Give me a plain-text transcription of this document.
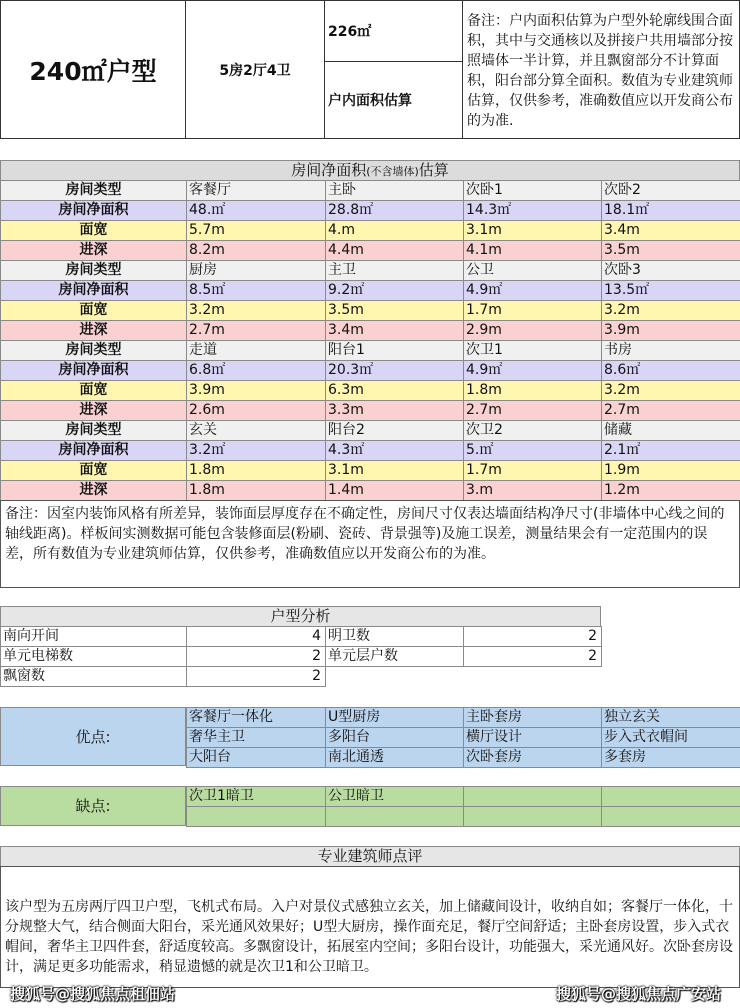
240㎡户型	5房2厅4卫
226㎡
户内面积估算
备注：户内面积估算为户型外轮廓线围合面积，其中与交通核以及拼接户共用墙部分按照墙体一半计算，并且飘窗部分不计算面积，阳台部分算全面积。数值为专业建筑师估算，仅供参考，准确数值应以开发商公布的为准.
房间净面积(不含墙体)估算
房间类型	客餐厅	主卧	次卧1	次卧2
房间净面积	48.㎡	28.8㎡	14.3㎡	18.1㎡
面宽	5.7m	4.m	3.1m	3.4m
进深	8.2m	4.4m	4.1m	3.5m
房间类型	厨房	主卫	公卫	次卧3
房间净面积	8.5㎡	9.2㎡	4.9㎡	13.5㎡
面宽	3.2m	3.5m	1.7m	3.2m
进深	2.7m	3.4m	2.9m	3.9m
房间类型	走道	阳台1	次卫1	书房
房间净面积	6.8㎡	20.3㎡	4.9㎡	8.6㎡
面宽	3.9m	6.3m	1.8m	3.2m
进深	2.6m	3.3m	2.7m	2.7m
房间类型	玄关	阳台2	次卫2	储藏
房间净面积	3.2㎡	4.3㎡	5.㎡	2.1㎡
面宽	1.8m	3.1m	1.7m	1.9m
进深	1.8m	1.4m	3.m	1.2m
备注：因室内装饰风格有所差异，装饰面层厚度存在不确定性，房间尺寸仅表达墙面结构净尺寸(非墙体中心线之间的轴线距离)。样板间实测数据可能包含装修面层(粉刷、瓷砖、背景强等)及施工误差，测量结果会有一定范围内的误差，所有数值为专业建筑师估算，仅供参考，准确数值应以开发商公布的为准。
户型分析
南向开间	4 明卫数	2
单元电梯数	2 单元层户数	2
飘窗数	2
优点:
客餐厅一体化	U型厨房	主卧套房	独立玄关
奢华主卫	多阳台	横厅设计	步入式衣帽间
大阳台	南北通透	次卧套房	多套房
缺点:
次卫1暗卫	公卫暗卫
专业建筑师点评
该户型为五房两厅四卫户型，飞机式布局。入户对景仪式感独立玄关，加上储藏间设计，收纳自如；客餐厅一体化，十分规整大气，结合侧面大阳台，采光通风效果好；U型大厨房，操作面充足，餐厅空间舒适；主卧套房设置，步入式衣帽间，奢华主卫四件套，舒适度较高。多飘窗设计，拓展室内空间；多阳台设计，功能强大，采光通风好。次卧套房设计，满足更多功能需求，稍显遗憾的就是次卫1和公卫暗卫。
搜狐号@搜狐焦点租佃站	搜狐号@搜狐焦点广安站
